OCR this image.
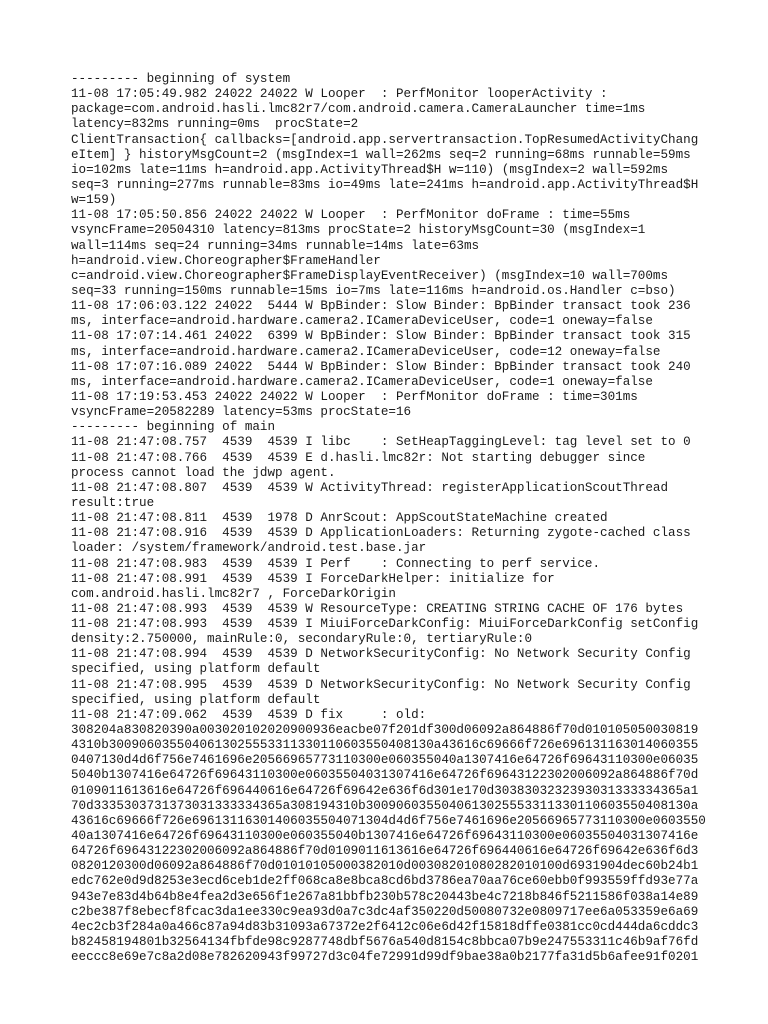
--------- beginning of system
11-08 17:05:49.982 24022 24022 W Looper  : PerfMonitor looperActivity :
package=com.android.hasli.lmc82r7/com.android.camera.CameraLauncher time=1ms
latency=832ms running=0ms  procState=2
ClientTransaction{ callbacks=[android.app.servertransaction.TopResumedActivityChang
eItem] } historyMsgCount=2 (msgIndex=1 wall=262ms seq=2 running=68ms runnable=59ms
io=102ms late=11ms h=android.app.ActivityThread$H w=110) (msgIndex=2 wall=592ms
seq=3 running=277ms runnable=83ms io=49ms late=241ms h=android.app.ActivityThread$H
w=159)
11-08 17:05:50.856 24022 24022 W Looper  : PerfMonitor doFrame : time=55ms
vsyncFrame=20504310 latency=813ms procState=2 historyMsgCount=30 (msgIndex=1
wall=114ms seq=24 running=34ms runnable=14ms late=63ms
h=android.view.Choreographer$FrameHandler
c=android.view.Choreographer$FrameDisplayEventReceiver) (msgIndex=10 wall=700ms
seq=33 running=150ms runnable=15ms io=7ms late=116ms h=android.os.Handler c=bso)
11-08 17:06:03.122 24022  5444 W BpBinder: Slow Binder: BpBinder transact took 236
ms, interface=android.hardware.camera2.ICameraDeviceUser, code=1 oneway=false
11-08 17:07:14.461 24022  6399 W BpBinder: Slow Binder: BpBinder transact took 315
ms, interface=android.hardware.camera2.ICameraDeviceUser, code=12 oneway=false
11-08 17:07:16.089 24022  5444 W BpBinder: Slow Binder: BpBinder transact took 240
ms, interface=android.hardware.camera2.ICameraDeviceUser, code=1 oneway=false
11-08 17:19:53.453 24022 24022 W Looper  : PerfMonitor doFrame : time=301ms
vsyncFrame=20582289 latency=53ms procState=16
--------- beginning of main
11-08 21:47:08.757  4539  4539 I libc    : SetHeapTaggingLevel: tag level set to 0
11-08 21:47:08.766  4539  4539 E d.hasli.lmc82r: Not starting debugger since
process cannot load the jdwp agent.
11-08 21:47:08.807  4539  4539 W ActivityThread: registerApplicationScoutThread
result:true
11-08 21:47:08.811  4539  1978 D AnrScout: AppScoutStateMachine created
11-08 21:47:08.916  4539  4539 D ApplicationLoaders: Returning zygote-cached class
loader: /system/framework/android.test.base.jar
11-08 21:47:08.983  4539  4539 I Perf    : Connecting to perf service.
11-08 21:47:08.991  4539  4539 I ForceDarkHelper: initialize for
com.android.hasli.lmc82r7 , ForceDarkOrigin
11-08 21:47:08.993  4539  4539 W ResourceType: CREATING STRING CACHE OF 176 bytes
11-08 21:47:08.993  4539  4539 I MiuiForceDarkConfig: MiuiForceDarkConfig setConfig
density:2.750000, mainRule:0, secondaryRule:0, tertiaryRule:0
11-08 21:47:08.994  4539  4539 D NetworkSecurityConfig: No Network Security Config
specified, using platform default
11-08 21:47:08.995  4539  4539 D NetworkSecurityConfig: No Network Security Config
specified, using platform default
11-08 21:47:09.062  4539  4539 D fix     : old:
308204a830820390a003020102020900936eacbe07f201df300d06092a864886f70d010105050030819
4310b3009060355040613025553311330110603550408130a43616c69666f726e696131163014060355
0407130d4d6f756e7461696e20566965773110300e060355040a1307416e64726f69643110300e06035
5040b1307416e64726f69643110300e06035504031307416e64726f69643122302006092a864886f70d
0109011613616e64726f696440616e64726f69642e636f6d301e170d3038303232393031333334365a1
70d3335303731373031333334365a308194310b3009060355040613025553311330110603550408130a
43616c69666f726e69613116301406035504071304d4d6f756e7461696e20566965773110300e0603550
40a1307416e64726f69643110300e060355040b1307416e64726f69643110300e06035504031307416e
64726f69643122302006092a864886f70d0109011613616e64726f696440616e64726f69642e636f6d3
0820120300d06092a864886f70d01010105000382010d00308201080282010100d6931904dec60b24b1
edc762e0d9d8253e3ecd6ceb1de2ff068ca8e8bca8cd6bd3786ea70aa76ce60ebb0f993559ffd93e77a
943e7e83d4b64b8e4fea2d3e656f1e267a81bbfb230b578c20443be4c7218b846f5211586f038a14e89
c2be387f8ebecf8fcac3da1ee330c9ea93d0a7c3dc4af350220d50080732e0809717ee6a053359e6a69
4ec2cb3f284a0a466c87a94d83b31093a67372e2f6412c06e6d42f15818dffe0381cc0cd444da6cddc3
b82458194801b32564134fbfde98c9287748dbf5676a540d8154c8bbca07b9e247553311c46b9af76fd
eeccc8e69e7c8a2d08e782620943f99727d3c04fe72991d99df9bae38a0b2177fa31d5b6afee91f0201
